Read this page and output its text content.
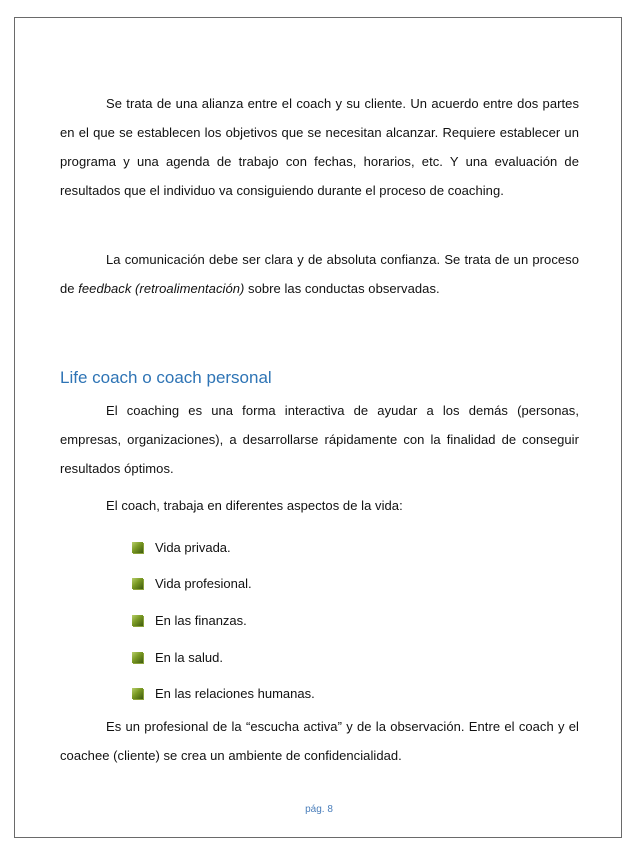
Se trata de una alianza entre el coach y su cliente. Un acuerdo entre dos partes en el que se establecen los objetivos que se necesitan alcanzar. Requiere establecer un programa y una agenda de trabajo con fechas, horarios, etc. Y una evaluación de resultados que el individuo va consiguiendo durante el proceso de coaching.

La comunicación debe ser clara y de absoluta confianza. Se trata de un proceso de feedback (retroalimentación) sobre las conductas observadas.

Life coach o coach personal

El coaching es una forma interactiva de ayudar a los demás (personas, empresas, organizaciones), a desarrollarse rápidamente con la finalidad de conseguir resultados óptimos.

El coach, trabaja en diferentes aspectos de la vida:

Vida privada.
Vida profesional.
En las finanzas.
En la salud.
En las relaciones humanas.

Es un profesional de la “escucha activa” y de la observación. Entre el coach y el coachee (cliente) se crea un ambiente de confidencialidad.

pág. 8
